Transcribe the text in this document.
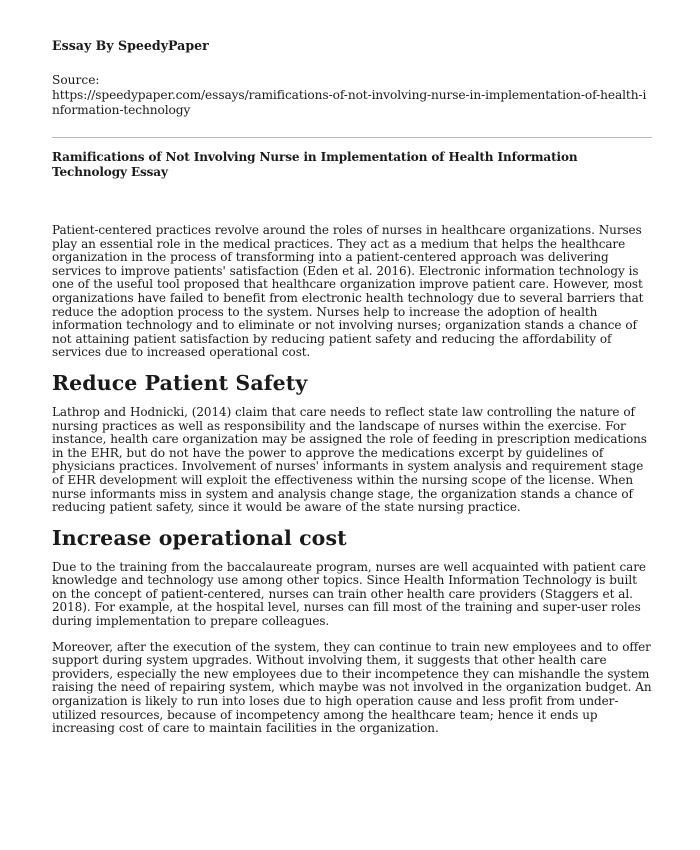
Essay By SpeedyPaper

Source:

https://speedypaper.com/essays/ramifications-of-not-involving-nurse-in-implementation-of-health-information-technology

Ramifications of Not Involving Nurse in Implementation of Health Information Technology Essay

Patient-centered practices revolve around the roles of nurses in healthcare organizations. Nurses play an essential role in the medical practices. They act as a medium that helps the healthcare organization in the process of transforming into a patient-centered approach was delivering services to improve patients' satisfaction (Eden et al. 2016). Electronic information technology is one of the useful tool proposed that healthcare organization improve patient care. However, most organizations have failed to benefit from electronic health technology due to several barriers that reduce the adoption process to the system. Nurses help to increase the adoption of health information technology and to eliminate or not involving nurses; organization stands a chance of not attaining patient satisfaction by reducing patient safety and reducing the affordability of services due to increased operational cost.

Reduce Patient Safety

Lathrop and Hodnicki, (2014) claim that care needs to reflect state law controlling the nature of nursing practices as well as responsibility and the landscape of nurses within the exercise. For instance, health care organization may be assigned the role of feeding in prescription medications in the EHR, but do not have the power to approve the medications excerpt by guidelines of physicians practices. Involvement of nurses' informants in system analysis and requirement stage of EHR development will exploit the effectiveness within the nursing scope of the license. When nurse informants miss in system and analysis change stage, the organization stands a chance of reducing patient safety, since it would be aware of the state nursing practice.

Increase operational cost

Due to the training from the baccalaureate program, nurses are well acquainted with patient care knowledge and technology use among other topics. Since Health Information Technology is built on the concept of patient-centered, nurses can train other health care providers (Staggers et al. 2018). For example, at the hospital level, nurses can fill most of the training and super-user roles during implementation to prepare colleagues.

Moreover, after the execution of the system, they can continue to train new employees and to offer support during system upgrades. Without involving them, it suggests that other health care providers, especially the new employees due to their incompetence they can mishandle the system raising the need of repairing system, which maybe was not involved in the organization budget. An organization is likely to run into loses due to high operation cause and less profit from under-utilized resources, because of incompetency among the healthcare team; hence it ends up increasing cost of care to maintain facilities in the organization.
